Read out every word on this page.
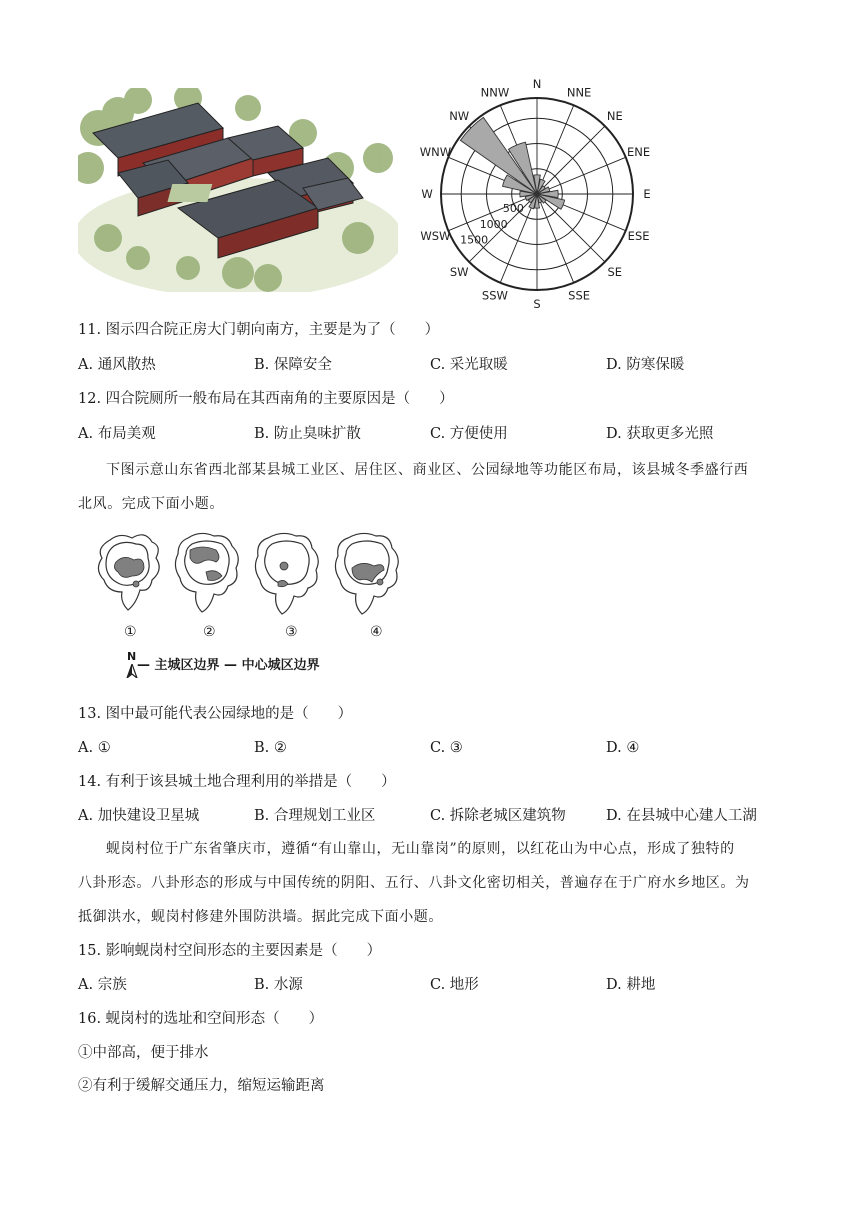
N
NNE
NE
ENE
E
ESE
SE
SSE
S
SSW
SW
WSW
W
WNW
NW
NNW
500
1000
1500
11. 图示四合院正房大门朝向南方，主要是为了（　　）
A. 通风散热	B. 保障安全	C. 采光取暖	D. 防寒保暖
12. 四合院厕所一般布局在其西南角的主要原因是（　　）
A. 布局美观	B. 防止臭味扩散	C. 方便使用	D. 获取更多光照
下图示意山东省西北部某县城工业区、居住区、商业区、公园绿地等功能区布局，该县城冬季盛行西
北风。完成下面小题。
①	②	③	④
N
— 主城区边界 — 中心城区边界
13. 图中最可能代表公园绿地的是（　　）
A. ①	B. ②	C. ③	D. ④
14. 有利于该县城土地合理利用的举措是（　　）
A. 加快建设卫星城	B. 合理规划工业区	C. 拆除老城区建筑物	D. 在县城中心建人工湖
蚬岗村位于广东省肇庆市，遵循“有山靠山，无山靠岗”的原则，以红花山为中心点，形成了独特的
八卦形态。八卦形态的形成与中国传统的阴阳、五行、八卦文化密切相关，普遍存在于广府水乡地区。为
抵御洪水，蚬岗村修建外围防洪墙。据此完成下面小题。
15. 影响蚬岗村空间形态的主要因素是（　　）
A. 宗族	B. 水源	C. 地形	D. 耕地
16. 蚬岗村的选址和空间形态（　　）
①中部高，便于排水
②有利于缓解交通压力，缩短运输距离
